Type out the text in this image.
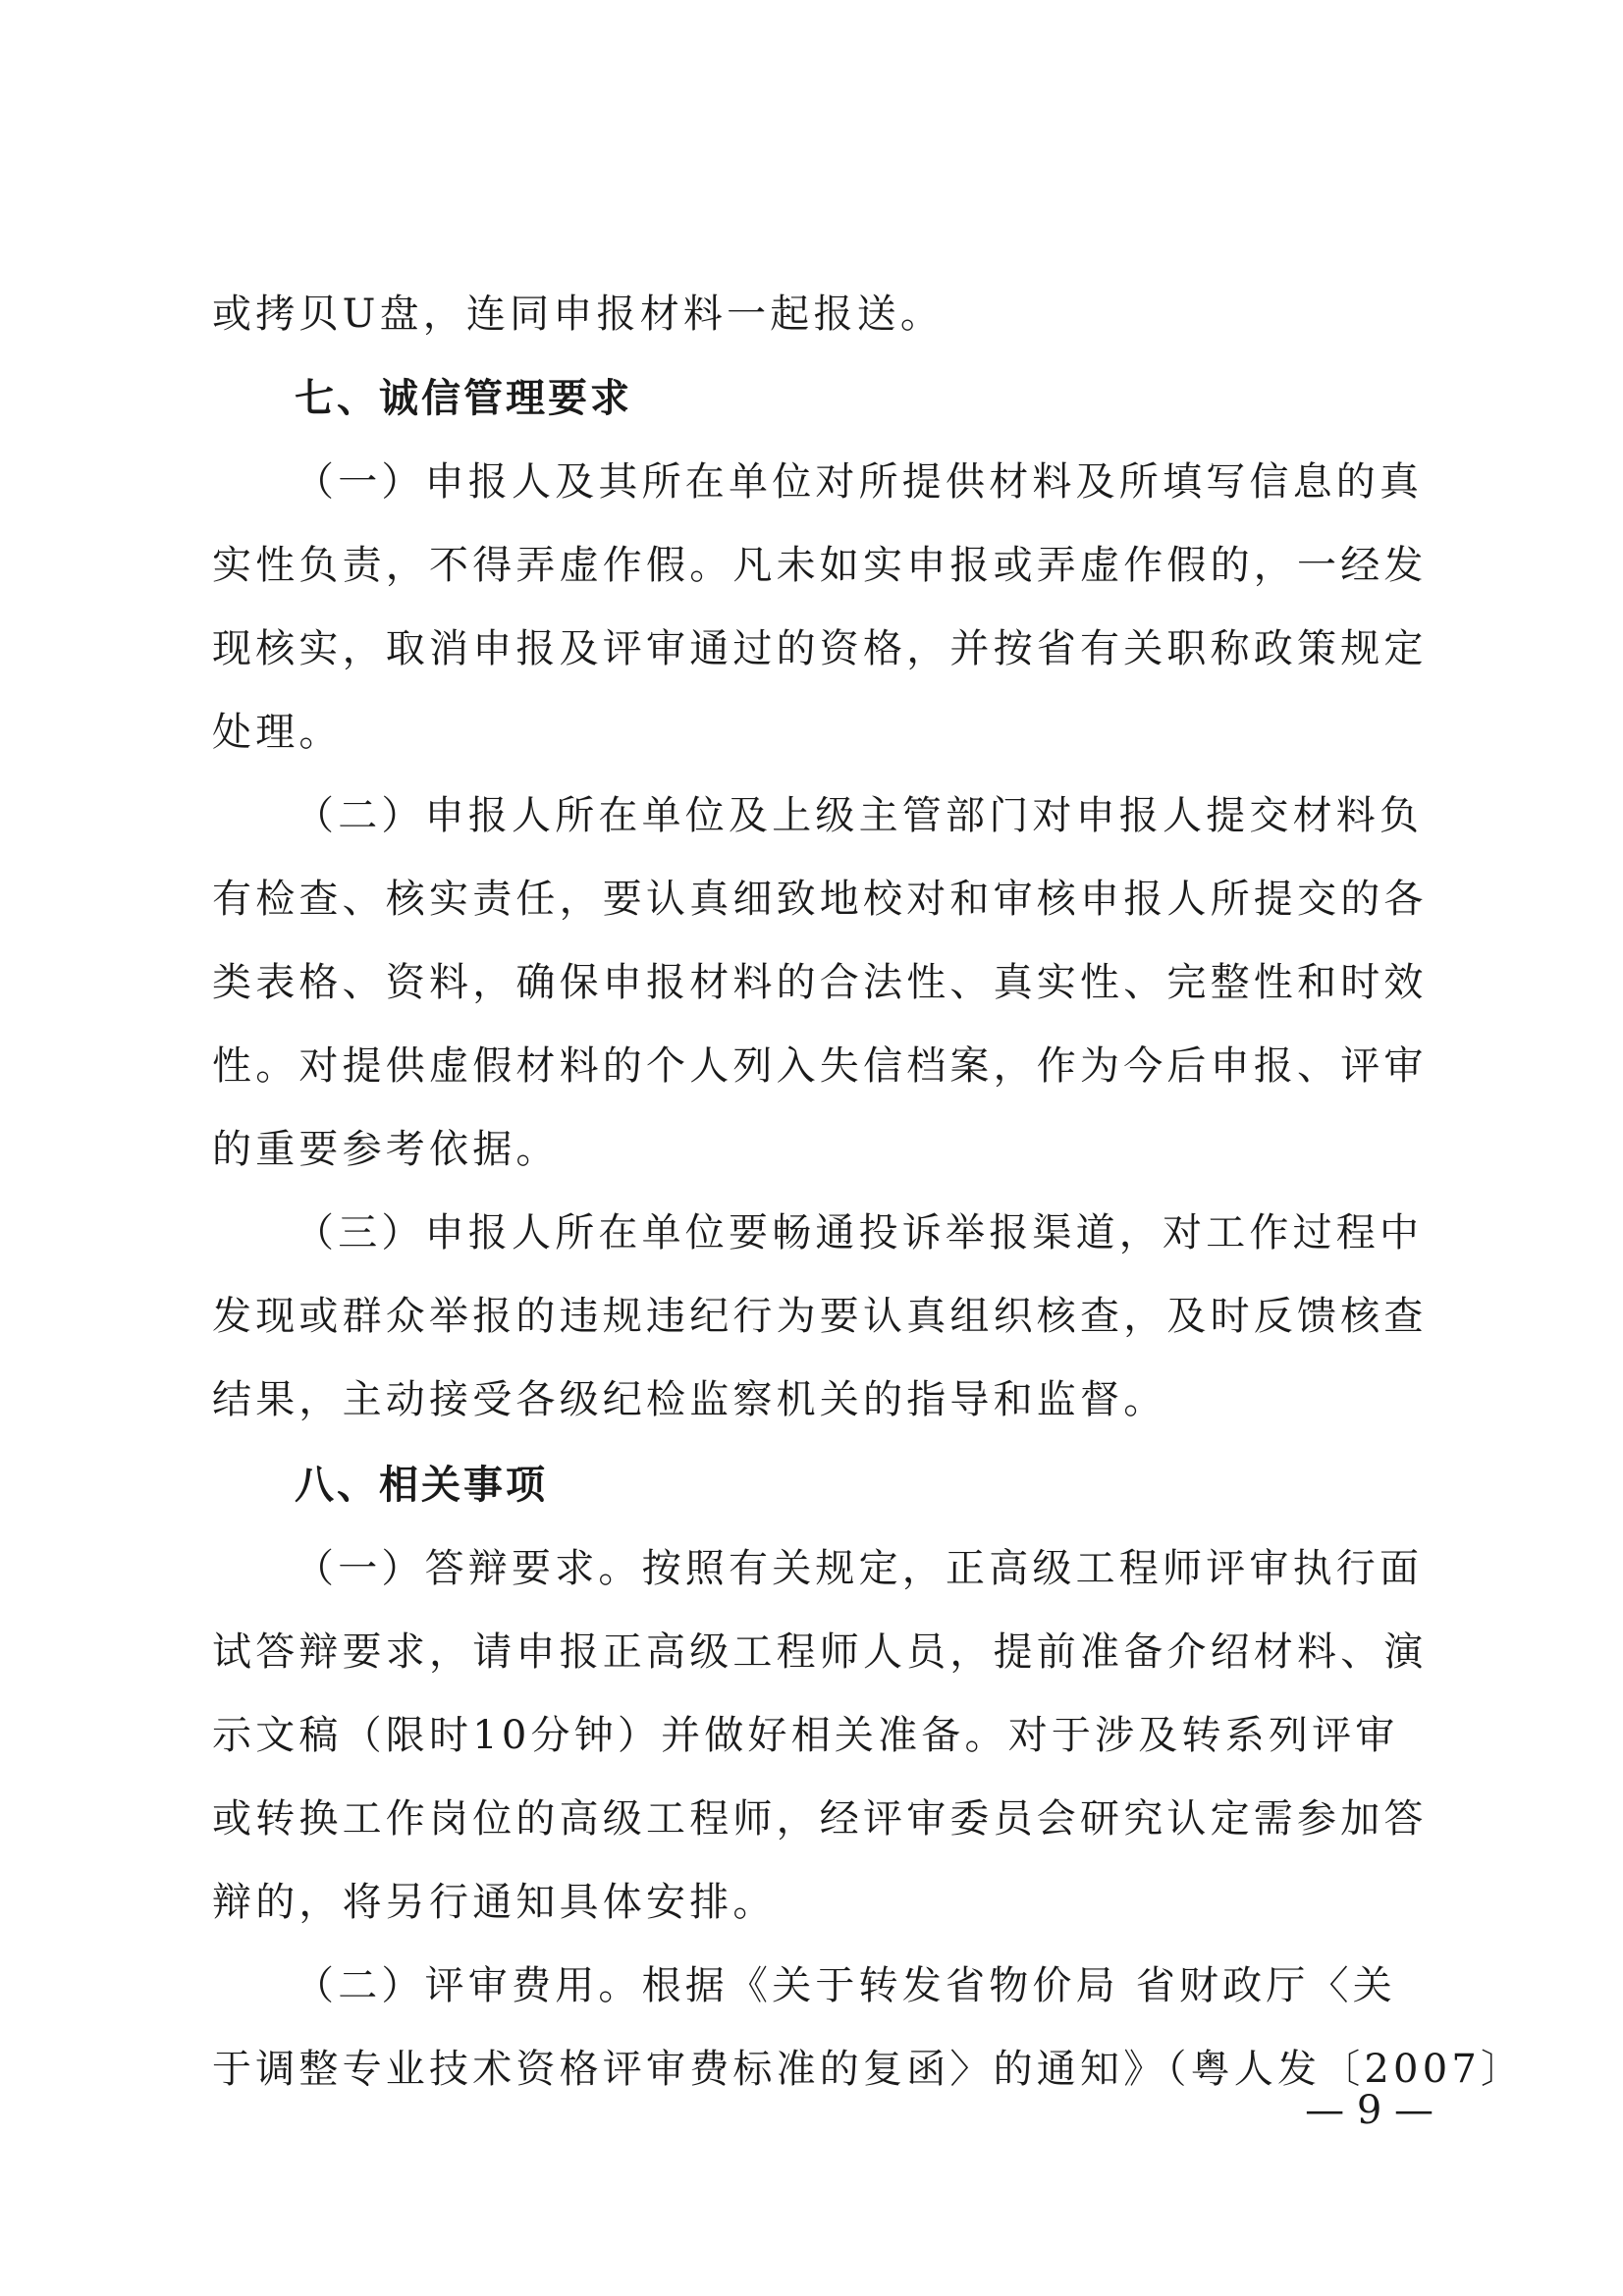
或拷贝U盘，连同申报材料一起报送。
七、诚信管理要求
（一）申报人及其所在单位对所提供材料及所填写信息的真
实性负责，不得弄虚作假。凡未如实申报或弄虚作假的，一经发
现核实，取消申报及评审通过的资格，并按省有关职称政策规定
处理。
（二）申报人所在单位及上级主管部门对申报人提交材料负
有检查、核实责任，要认真细致地校对和审核申报人所提交的各
类表格、资料，确保申报材料的合法性、真实性、完整性和时效
性。对提供虚假材料的个人列入失信档案，作为今后申报、评审
的重要参考依据。
（三）申报人所在单位要畅通投诉举报渠道，对工作过程中
发现或群众举报的违规违纪行为要认真组织核查，及时反馈核查
结果，主动接受各级纪检监察机关的指导和监督。
八、相关事项
（一）答辩要求。按照有关规定，正高级工程师评审执行面
试答辩要求，请申报正高级工程师人员，提前准备介绍材料、演
示文稿（限时10分钟）并做好相关准备。对于涉及转系列评审
或转换工作岗位的高级工程师，经评审委员会研究认定需参加答
辩的，将另行通知具体安排。
（二）评审费用。根据《关于转发省物价局 省财政厅〈关
于调整专业技术资格评审费标准的复函〉的通知》（粤人发〔2007〕
— 9 —
